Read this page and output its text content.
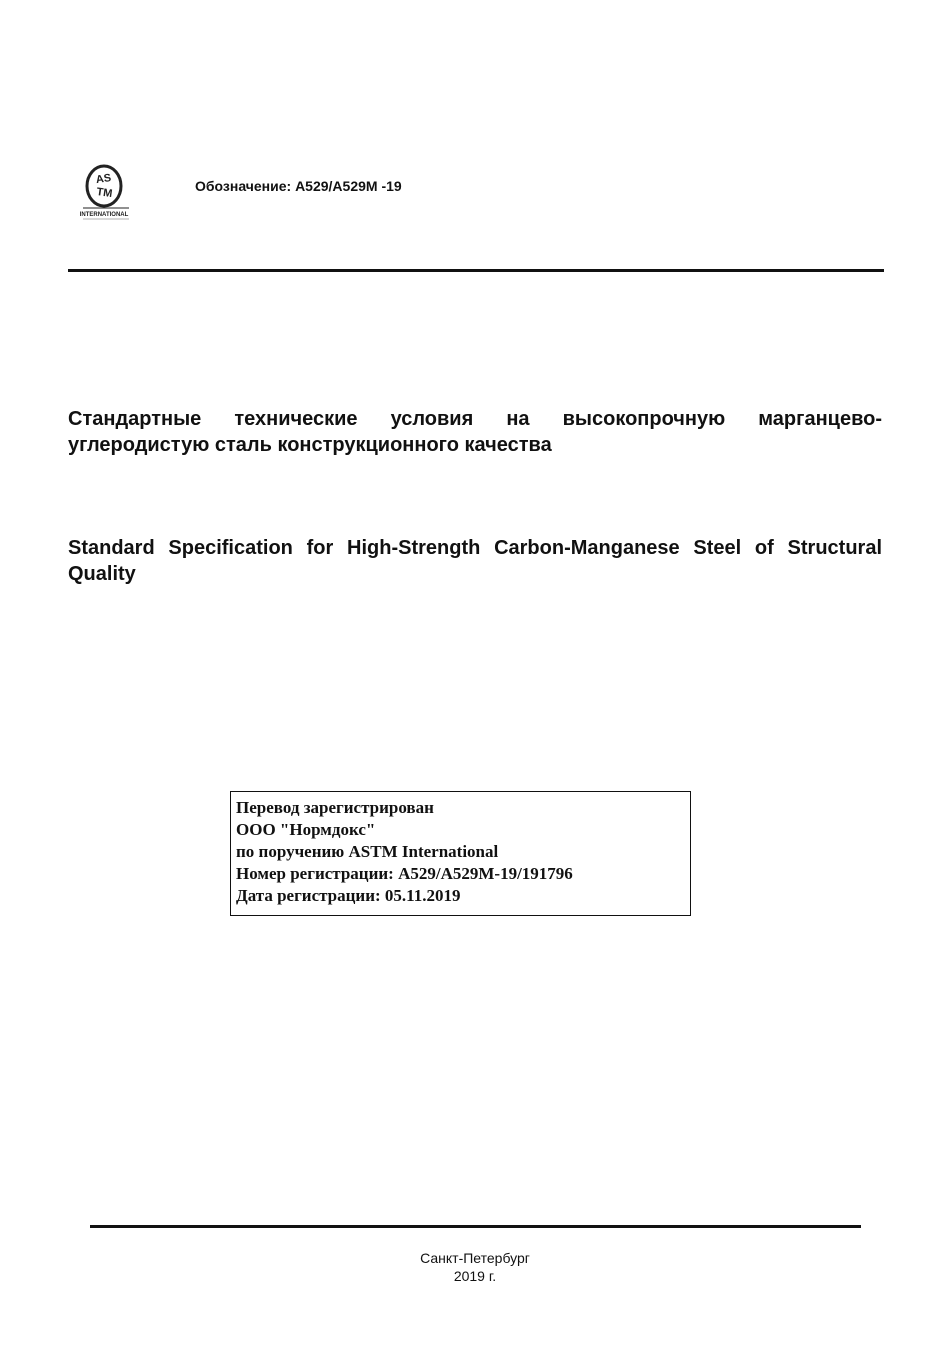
AS
TM
INTERNATIONAL
Обозначение: A529/A529M -19
Стандартные технические условия на высокопрочную марганцево-углеродистую сталь конструкционного качества
Standard Specification for High-Strength Carbon-Manganese Steel of Structural Quality
Перевод зарегистрирован
ООО "Нормдокс"
по поручению ASTM International
Номер регистрации: A529/A529M-19/191796
Дата регистрации: 05.11.2019
Санкт-Петербург
2019 г.
